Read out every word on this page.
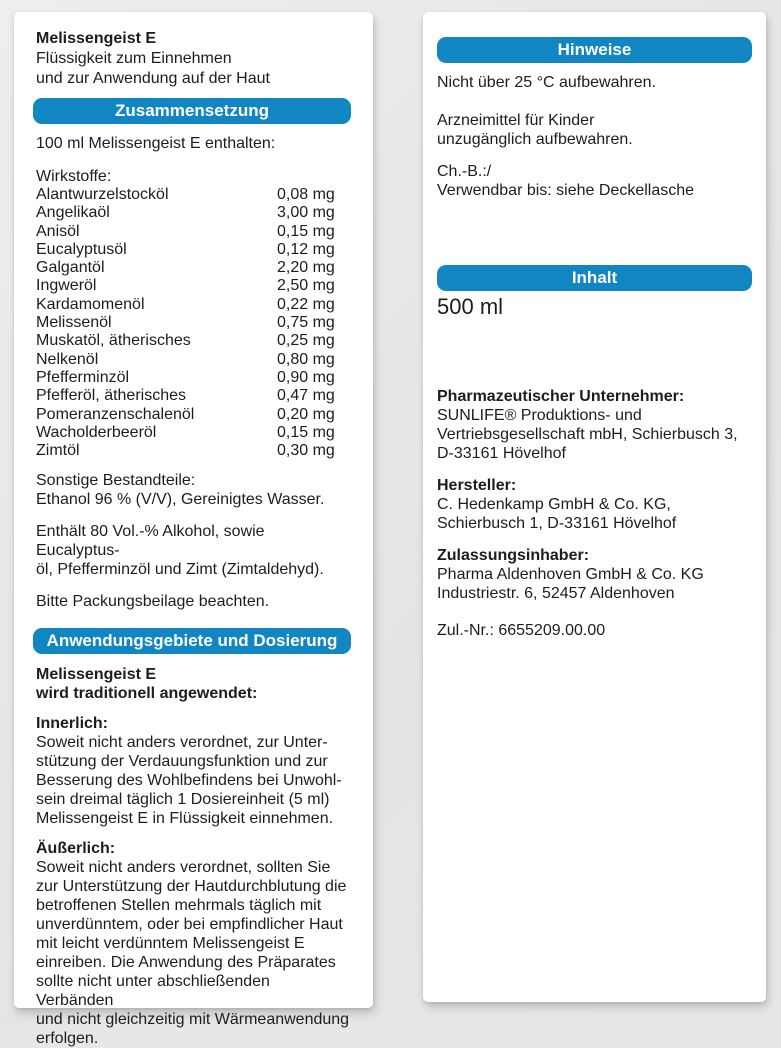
Melissengeist E
Flüssigkeit zum Einnehmen
und zur Anwendung auf der Haut
Zusammensetzung
100 ml Melissengeist E enthalten:
Wirkstoffe:
Alantwurzelstocköl	0,08 mg
Angelikaöl	3,00 mg
Anisöl	0,15 mg
Eucalyptusöl	0,12 mg
Galgantöl	2,20 mg
Ingweröl	2,50 mg
Kardamomenöl	0,22 mg
Melissenöl	0,75 mg
Muskatöl, ätherisches	0,25 mg
Nelkenöl	0,80 mg
Pfefferminzöl	0,90 mg
Pfefferöl, ätherisches	0,47 mg
Pomeranzenschalenöl	0,20 mg
Wacholderbeeröl	0,15 mg
Zimtöl	0,30 mg
Sonstige Bestandteile:
Ethanol 96 % (V/V), Gereinigtes Wasser.
Enthält 80 Vol.-% Alkohol, sowie Eucalyptus-
öl, Pfefferminzöl und Zimt (Zimtaldehyd).
Bitte Packungsbeilage beachten.
Anwendungsgebiete und Dosierung
Melissengeist E
wird traditionell angewendet:
Innerlich:
Soweit nicht anders verordnet, zur Unter-
stützung der Verdauungsfunktion und zur
Besserung des Wohlbefindens bei Unwohl-
sein dreimal täglich 1 Dosiereinheit (5 ml)
Melissengeist E in Flüssigkeit einnehmen.
Äußerlich:
Soweit nicht anders verordnet, sollten Sie
zur Unterstützung der Hautdurchblutung die
betroffenen Stellen mehrmals täglich mit
unverdünntem, oder bei empfindlicher Haut
mit leicht verdünntem Melissengeist E
einreiben. Die Anwendung des Präparates
sollte nicht unter abschließenden Verbänden
und nicht gleichzeitig mit Wärmeanwendung
erfolgen.
Hinweise
Nicht über 25 °C aufbewahren.
Arzneimittel für Kinder
unzugänglich aufbewahren.
Ch.-B.:/
Verwendbar bis: siehe Deckellasche
Inhalt
500 ml
Pharmazeutischer Unternehmer:
SUNLIFE® Produktions- und
Vertriebsgesellschaft mbH, Schierbusch 3,
D-33161 Hövelhof
Hersteller:
C. Hedenkamp GmbH & Co. KG,
Schierbusch 1, D-33161 Hövelhof
Zulassungsinhaber:
Pharma Aldenhoven GmbH & Co. KG
Industriestr. 6, 52457 Aldenhoven
Zul.-Nr.: 6655209.00.00
